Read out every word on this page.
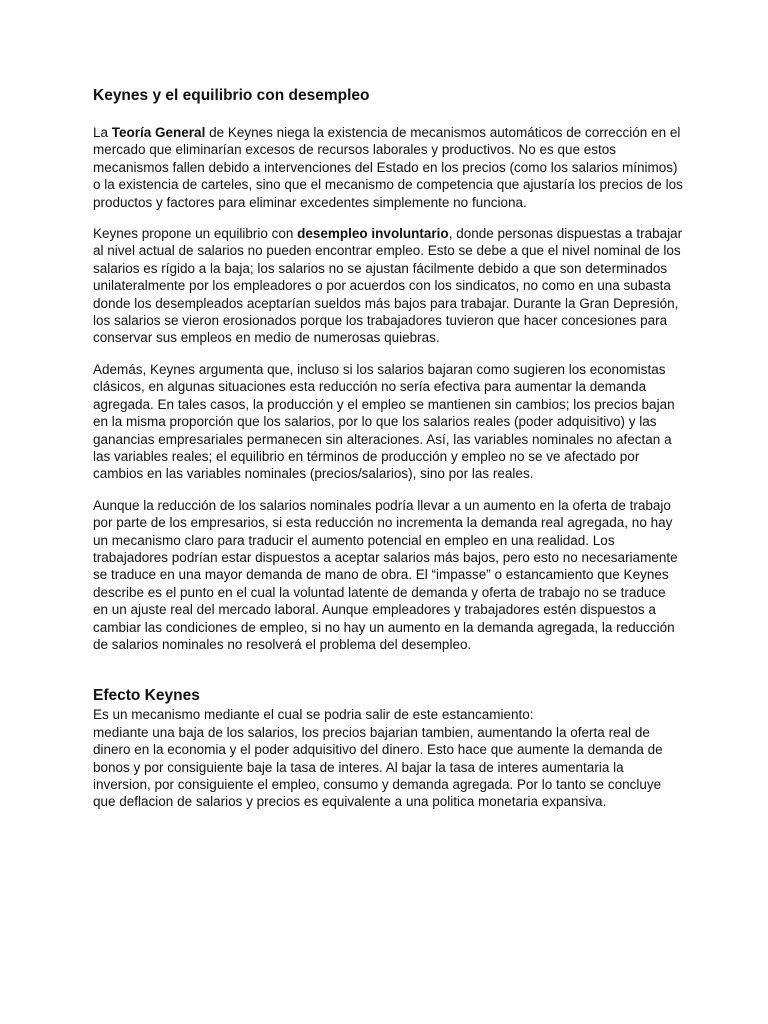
Keynes y el equilibrio con desempleo

La Teoría General de Keynes niega la existencia de mecanismos automáticos de corrección en el mercado que eliminarían excesos de recursos laborales y productivos. No es que estos mecanismos fallen debido a intervenciones del Estado en los precios (como los salarios mínimos) o la existencia de carteles, sino que el mecanismo de competencia que ajustaría los precios de los productos y factores para eliminar excedentes simplemente no funciona.

Keynes propone un equilibrio con desempleo involuntario, donde personas dispuestas a trabajar al nivel actual de salarios no pueden encontrar empleo. Esto se debe a que el nivel nominal de los salarios es rígido a la baja; los salarios no se ajustan fácilmente debido a que son determinados unilateralmente por los empleadores o por acuerdos con los sindicatos, no como en una subasta donde los desempleados aceptarían sueldos más bajos para trabajar. Durante la Gran Depresión, los salarios se vieron erosionados porque los trabajadores tuvieron que hacer concesiones para conservar sus empleos en medio de numerosas quiebras.

Además, Keynes argumenta que, incluso si los salarios bajaran como sugieren los economistas clásicos, en algunas situaciones esta reducción no sería efectiva para aumentar la demanda agregada. En tales casos, la producción y el empleo se mantienen sin cambios; los precios bajan en la misma proporción que los salarios, por lo que los salarios reales (poder adquisitivo) y las ganancias empresariales permanecen sin alteraciones. Así, las variables nominales no afectan a las variables reales; el equilibrio en términos de producción y empleo no se ve afectado por cambios en las variables nominales (precios/salarios), sino por las reales.

Aunque la reducción de los salarios nominales podría llevar a un aumento en la oferta de trabajo por parte de los empresarios, si esta reducción no incrementa la demanda real agregada, no hay un mecanismo claro para traducir el aumento potencial en empleo en una realidad. Los trabajadores podrían estar dispuestos a aceptar salarios más bajos, pero esto no necesariamente se traduce en una mayor demanda de mano de obra. El “impasse” o estancamiento que Keynes describe es el punto en el cual la voluntad latente de demanda y oferta de trabajo no se traduce en un ajuste real del mercado laboral. Aunque empleadores y trabajadores estén dispuestos a cambiar las condiciones de empleo, si no hay un aumento en la demanda agregada, la reducción de salarios nominales no resolverá el problema del desempleo.

Efecto Keynes

Es un mecanismo mediante el cual se podria salir de este estancamiento:

mediante una baja de los salarios, los precios bajarian tambien, aumentando la oferta real de dinero en la economia y el poder adquisitivo del dinero. Esto hace que aumente la demanda de bonos y por consiguiente baje la tasa de interes. Al bajar la tasa de interes aumentaria la inversion, por consiguiente el empleo, consumo y demanda agregada. Por lo tanto se concluye que deflacion de salarios y precios es equivalente a una politica monetaria expansiva.
